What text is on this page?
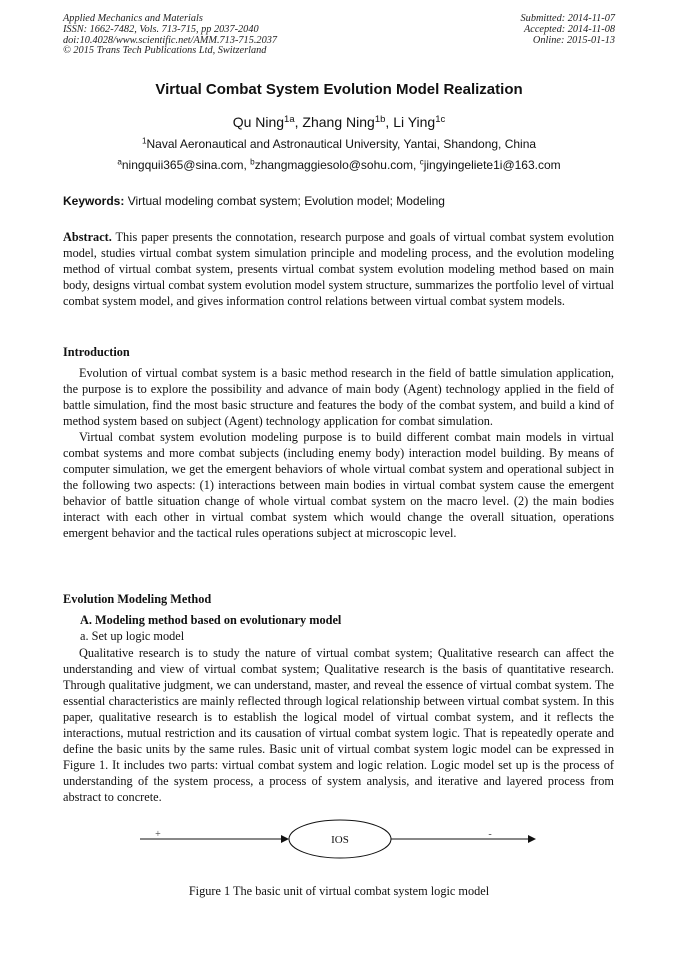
Applied Mechanics and Materials
ISSN: 1662-7482, Vols. 713-715, pp 2037-2040
doi:10.4028/www.scientific.net/AMM.713-715.2037
© 2015 Trans Tech Publications Ltd, Switzerland
Submitted: 2014-11-07
Accepted: 2014-11-08
Online: 2015-01-13
Virtual Combat System Evolution Model Realization
Qu Ning$^{1a}$, Zhang Ning$^{1b}$, Li Ying$^{1c}$
$^1$Naval Aeronautical and Astronautical University, Yantai, Shandong, China
$^a$ningquii365@sina.com, $^b$zhangmaggiesolo@sohu.com, $^c$jingyingeliete1i@163.com
Keywords: Virtual modeling combat system; Evolution model; Modeling

Abstract. This paper presents the connotation, research purpose and goals of virtual combat system evolution model, studies virtual combat system simulation principle and modeling process, and the evolution modeling method of virtual combat system, presents virtual combat system evolution modeling method based on main body, designs virtual combat system evolution model system structure, summarizes the portfolio level of virtual combat system model, and gives information control relations between virtual combat system models.

Introduction

Evolution of virtual combat system is a basic method research in the field of battle simulation application, the purpose is to explore the possibility and advance of main body (Agent) technology applied in the field of battle simulation, find the most basic structure and features the body of the combat system, and build a kind of method system based on subject (Agent) technology application for combat simulation.

Virtual combat system evolution modeling purpose is to build different combat main models in virtual combat systems and more combat subjects (including enemy body) interaction model building. By means of computer simulation, we get the emergent behaviors of whole virtual combat system and operational subject in the following two aspects: (1) interactions between main bodies in virtual combat system cause the emergent behavior of battle situation change of whole virtual combat system on the macro level. (2) the main bodies interact with each other in virtual combat system which would change the overall situation, operations emergent behavior and the tactical rules operations subject at microscopic level.

Evolution Modeling Method
A. Modeling method based on evolutionary model
a. Set up logic model

Qualitative research is to study the nature of virtual combat system; Qualitative research can affect the understanding and view of virtual combat system; Qualitative research is the basis of quantitative research. Through qualitative judgment, we can understand, master, and reveal the essence of virtual combat system. The essential characteristics are mainly reflected through logical relationship between virtual combat system. In this paper, qualitative research is to establish the logical model of virtual combat system, and it reflects the interactions, mutual restriction and its causation of virtual combat system logic. That is repeatedly operate and define the basic units by the same rules. Basic unit of virtual combat system logic model can be expressed in Figure 1. It includes two parts: virtual combat system and logic relation. Logic model set up is the process of understanding of the system process, a process of system analysis, and iterative and layered process from abstract to concrete.

IOS
+	-
Figure 1 The basic unit of virtual combat system logic model
